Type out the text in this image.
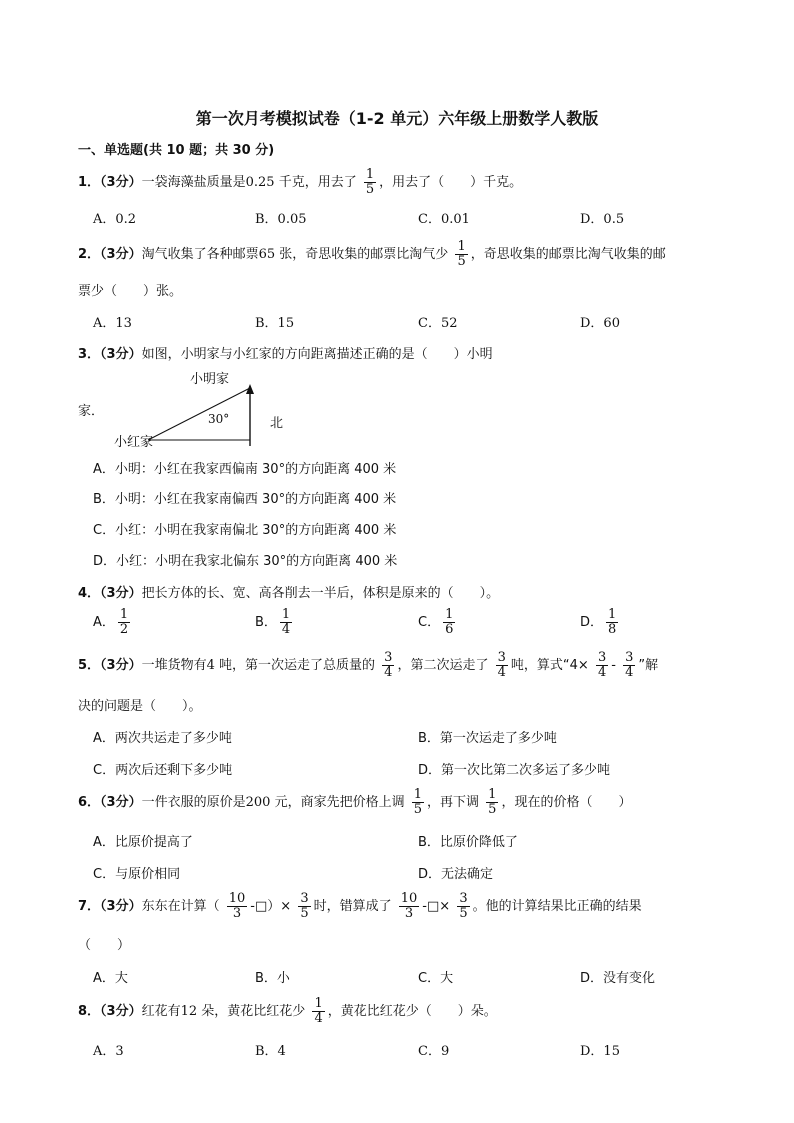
第一次月考模拟试卷（1-2 单元）六年级上册数学人教版
一、单选题(共 10 题；共 30 分)
1．（3分）一袋海藻盐质量是0.25 千克，用去了 $\frac{1}{5}$ ，用去了（　　）千克。
A．0.2	B．0.05	C．0.01	D．0.5
2．（3分）淘气收集了各种邮票65 张，奇思收集的邮票比淘气少 $\frac{1}{5}$ ，奇思收集的邮票比淘气收集的邮
票少（　　）张。
A．13	B．15	C．52	D．60
3．（3分）如图，小明家与小红家的方向距离描述正确的是（　　）小明
家．
小明家
30°
小红家
北
A．小明：小红在我家西偏南 30°的方向距离 400 米
B．小明：小红在我家南偏西 30°的方向距离 400 米
C．小红：小明在我家南偏北 30°的方向距离 400 米
D．小红：小明在我家北偏东 30°的方向距离 400 米
4．（3分）把长方体的长、宽、高各削去一半后，体积是原来的（　　）。
A． $\frac{1}{2}$	B． $\frac{1}{4}$	C． $\frac{1}{6}$	D． $\frac{1}{8}$
5．（3分）一堆货物有4 吨，第一次运走了总质量的 $\frac{3}{4}$ ，第二次运走了 $\frac{3}{4}$ 吨，算式“$4\times \frac{3}{4} - \frac{3}{4}$ ”解
决的问题是（　　）。
A．两次共运走了多少吨	B．第一次运走了多少吨
C．两次后还剩下多少吨	D．第一次比第二次多运了多少吨
6．（3分）一件衣服的原价是200 元，商家先把价格上调 $\frac{1}{5}$ ，再下调 $\frac{1}{5}$ ，现在的价格（　　）
A．比原价提高了	B．比原价降低了
C．与原价相同	D．无法确定
7．（3分）东东在计算（ $\frac{10}{3}$ -□）× $\frac{3}{5}$ 时，错算成了 $\frac{10}{3}$ -□× $\frac{3}{5}$ 。他的计算结果比正确的结果
（　　）
A．大	B．小	C．大	D．没有变化
8．（3分）红花有12 朵，黄花比红花少 $\frac{1}{4}$ ，黄花比红花少（　　）朵。
A．3	B．4	C．9	D．15
